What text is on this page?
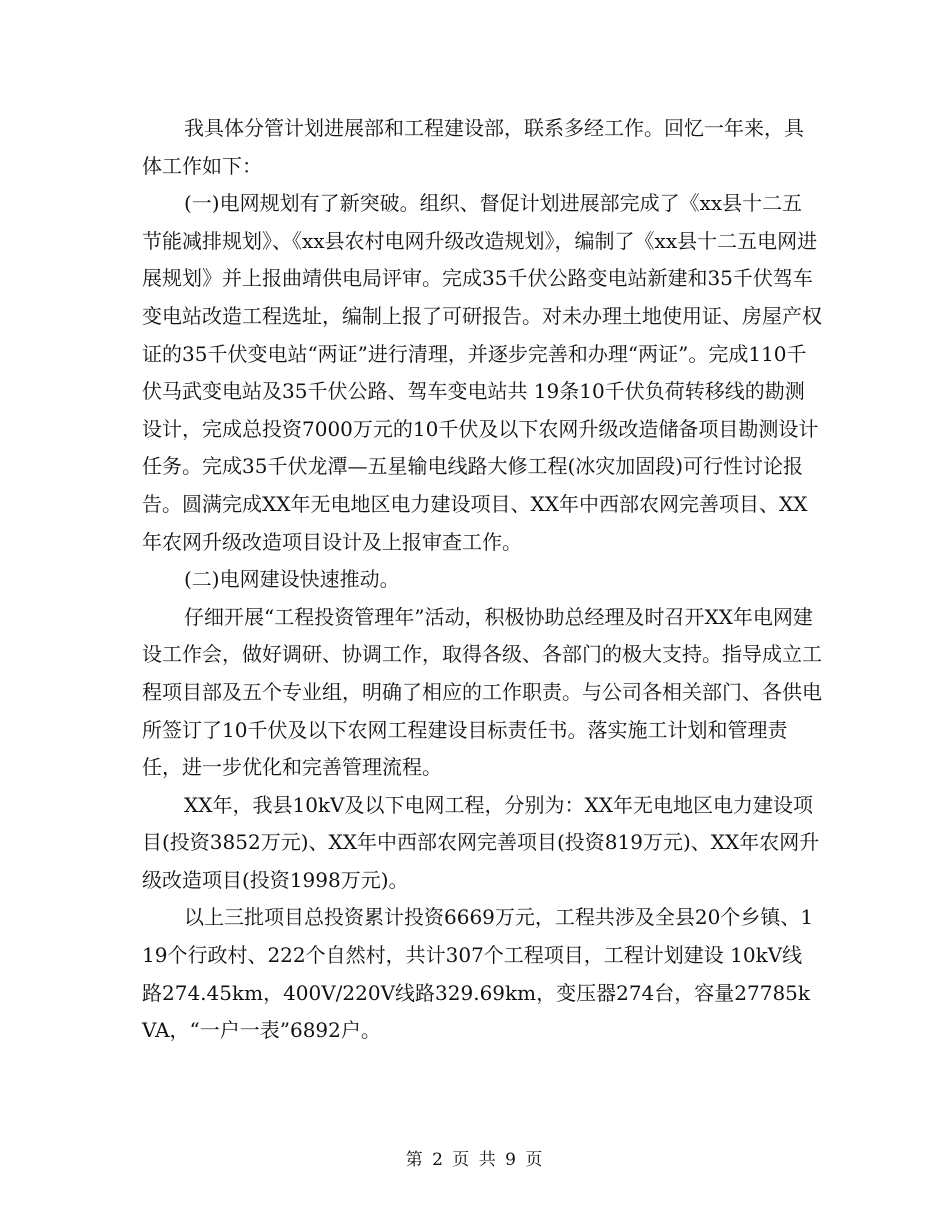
我具体分管计划进展部和工程建设部，联系多经工作。回忆一年来，具体工作如下：

(一)电网规划有了新突破。组织、督促计划进展部完成了《xx县十二五节能减排规划》、《xx县农村电网升级改造规划》，编制了《xx县十二五电网进展规划》并上报曲靖供电局评审。完成35千伏公路变电站新建和35千伏驾车变电站改造工程选址，编制上报了可研报告。对未办理土地使用证、房屋产权证的35千伏变电站“两证”进行清理，并逐步完善和办理“两证”。完成110千伏马武变电站及35千伏公路、驾车变电站共 19条10千伏负荷转移线的勘测设计，完成总投资7000万元的10千伏及以下农网升级改造储备项目勘测设计任务。完成35千伏龙潭—五星输电线路大修工程(冰灾加固段)可行性讨论报告。圆满完成XX年无电地区电力建设项目、XX年中西部农网完善项目、XX年农网升级改造项目设计及上报审查工作。

(二)电网建设快速推动。

仔细开展“工程投资管理年”活动，积极协助总经理及时召开XX年电网建设工作会，做好调研、协调工作，取得各级、各部门的极大支持。指导成立工程项目部及五个专业组，明确了相应的工作职责。与公司各相关部门、各供电所签订了10千伏及以下农网工程建设目标责任书。落实施工计划和管理责任，进一步优化和完善管理流程。

XX年，我县10kV及以下电网工程，分别为：XX年无电地区电力建设项目(投资3852万元)、XX年中西部农网完善项目(投资819万元)、XX年农网升级改造项目(投资1998万元)。

以上三批项目总投资累计投资6669万元，工程共涉及全县20个乡镇、119个行政村、222个自然村，共计307个工程项目，工程计划建设 10kV线路274.45km，400V/220V线路329.69km，变压器274台，容量27785kVA，“一户一表”6892户。

第 2 页 共 9 页
